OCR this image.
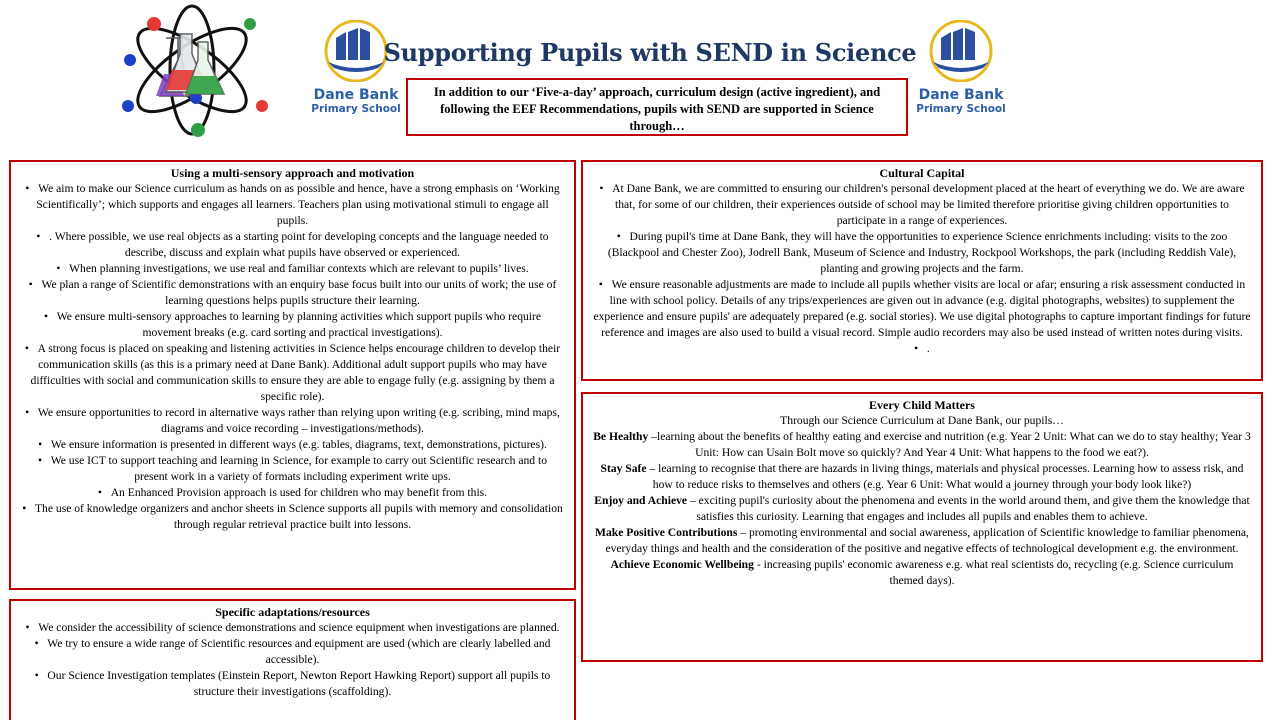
Dane Bank
Primary School
Dane Bank
Primary School
Supporting Pupils with SEND in Science
In addition to our ‘Five-a-day’ approach, curriculum design (active ingredient), and following the EEF Recommendations, pupils with SEND are supported in Science through…
Using a multi-sensory approach and motivation
•   We aim to make our Science curriculum as hands on as possible and hence, have a strong emphasis on ‘Working Scientifically’; which supports and engages all learners. Teachers plan using motivational stimuli to engage all pupils.
•   . Where possible, we use real objects as a starting point for developing concepts and the language needed to describe, discuss and explain what pupils have observed or experienced.
•   When planning investigations, we use real and familiar contexts which are relevant to pupils’ lives.
•   We plan a range of Scientific demonstrations with an enquiry base focus built into our units of work; the use of learning questions helps pupils structure their learning.
•   We ensure multi-sensory approaches to learning by planning activities which support pupils who require movement breaks (e.g. card sorting and practical investigations).
•   A strong focus is placed on speaking and listening activities in Science helps encourage children to develop their communication skills (as this is a primary need at Dane Bank). Additional adult support pupils who may have difficulties with social and communication skills to ensure they are able to engage fully (e.g. assigning by them a specific role).
•   We ensure opportunities to record in alternative ways rather than relying upon writing (e.g. scribing, mind maps, diagrams and voice recording – investigations/methods).
•   We ensure information is presented in different ways (e.g. tables, diagrams, text, demonstrations, pictures).
•   We use ICT to support teaching and learning in Science, for example to carry out Scientific research and to present work in a variety of formats including experiment write ups.
•   An Enhanced Provision approach is used for children who may benefit from this.
•   The use of knowledge organizers and anchor sheets in Science supports all pupils with memory and consolidation through regular retrieval practice built into lessons.
Specific adaptations/resources
•   We consider the accessibility of science demonstrations and science equipment when investigations are planned.
•   We try to ensure a wide range of Scientific resources and equipment are used (which are clearly labelled and accessible).
•   Our Science Investigation templates (Einstein Report, Newton Report Hawking Report) support all pupils to structure their investigations (scaffolding).
Cultural Capital
•   At Dane Bank, we are committed to ensuring our children's personal development placed at the heart of everything we do. We are aware that, for some of our children, their experiences outside of school may be limited therefore prioritise giving children opportunities to participate in a range of experiences.
•   During pupil's time at Dane Bank, they will have the opportunities to experience Science enrichments including: visits to the zoo (Blackpool and Chester Zoo), Jodrell Bank, Museum of Science and Industry, Rockpool Workshops, the park (including Reddish Vale), planting and growing projects and the farm.
•   We ensure reasonable adjustments are made to include all pupils whether visits are local or afar; ensuring a risk assessment conducted in line with school policy. Details of any trips/experiences are given out in advance (e.g. digital photographs, websites) to supplement the experience and ensure pupils' are adequately prepared (e.g. social stories). We use digital photographs to capture important findings for future reference and images are also used to build a visual record. Simple audio recorders may also be used instead of written notes during visits.
•   .
Every Child Matters

Through our Science Curriculum at Dane Bank, our pupils…

Be Healthy –learning about the benefits of healthy eating and exercise and nutrition (e.g. Year 2 Unit: What can we do to stay healthy; Year 3 Unit: How can Usain Bolt move so quickly? And Year 4 Unit: What happens to the food we eat?).

Stay Safe – learning to recognise that there are hazards in living things, materials and physical processes. Learning how to assess risk, and how to reduce risks to themselves and others (e.g. Year 6 Unit: What would a journey through your body look like?)

Enjoy and Achieve – exciting pupil's curiosity about the phenomena and events in the world around them, and give them the knowledge that satisfies this curiosity. Learning that engages and includes all pupils and enables them to achieve.

Make Positive Contributions – promoting environmental and social awareness, application of Scientific knowledge to familiar phenomena, everyday things and health and the consideration of the positive and negative effects of technological development e.g. the environment.

Achieve Economic Wellbeing - increasing pupils' economic awareness e.g. what real scientists do, recycling (e.g. Science curriculum themed days).
